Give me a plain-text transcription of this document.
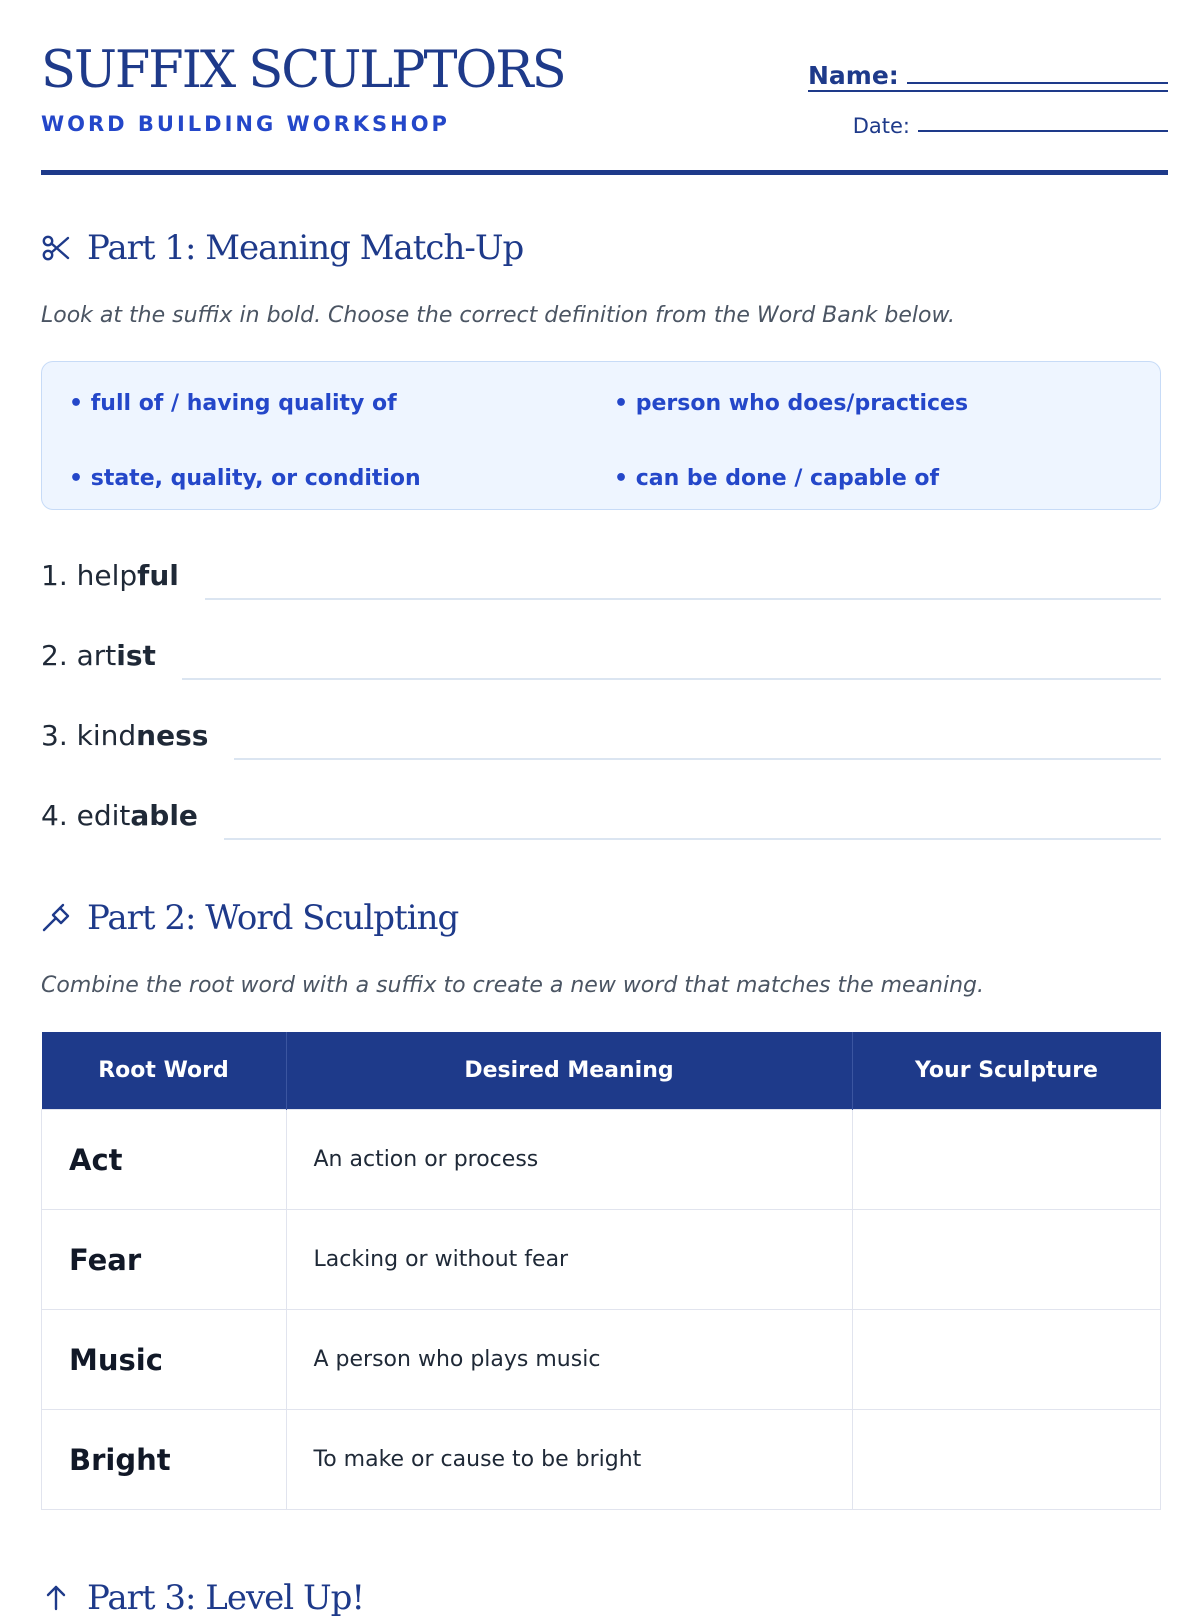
SUFFIX SCULPTORS
WORD BUILDING WORKSHOP
Name:
Date:
Part 1: Meaning Match-Up

Look at the suffix in bold. Choose the correct definition from the Word Bank below.

• full of / having quality of	• person who does/practices
• state, quality, or condition	• can be done / capable of
1. helpful
2. artist
3. kindness
4. editable
Part 2: Word Sculpting

Combine the root word with a suffix to create a new word that matches the meaning.

Root Word	Desired Meaning	Your Sculpture
Act	An action or process	
Fear	Lacking or without fear	
Music	A person who plays music	
Bright	To make or cause to be bright	
Part 3: Level Up!
